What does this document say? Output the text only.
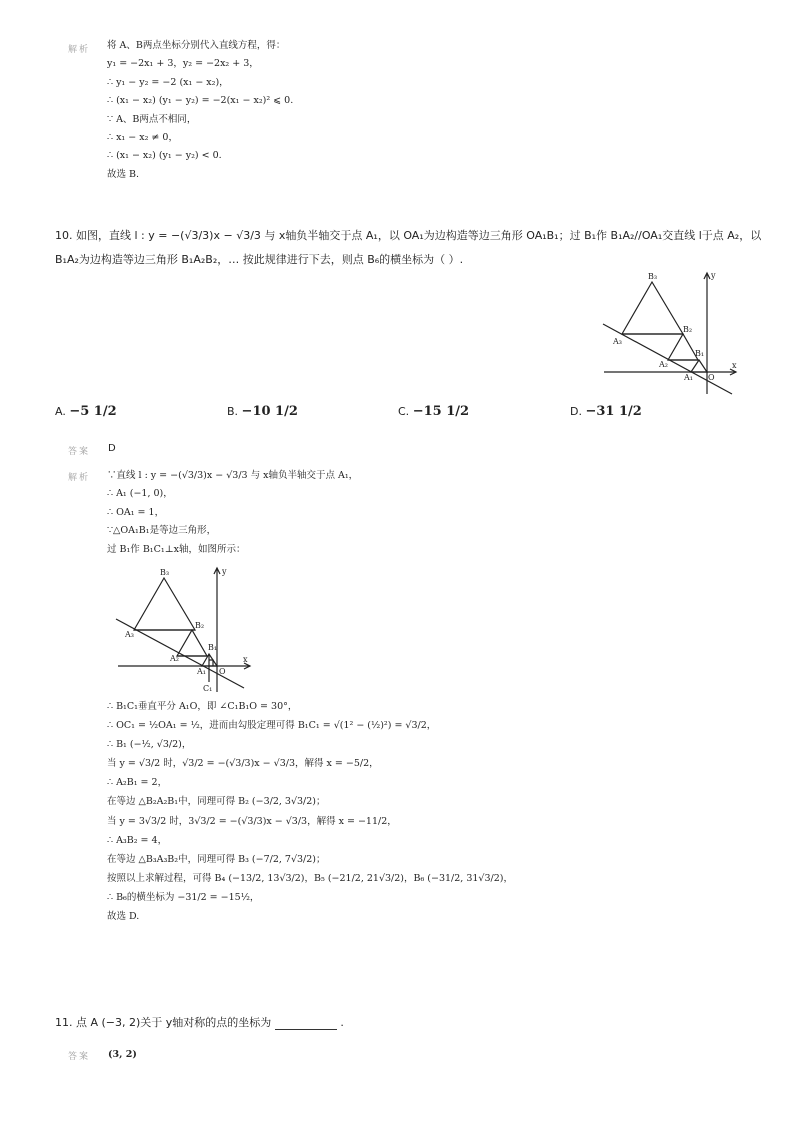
解析 将 A、B两点坐标分别代入直线方程，得：
y₁ = −2x₁ + 3，y₂ = −2x₂ + 3，
∴ y₁ − y₂ = −2 (x₁ − x₂)，
∴ (x₁ − x₂) (y₁ − y₂) = −2(x₁ − x₂)² ⩽ 0.
∵ A、B两点不相同，
∴ x₁ − x₂ ≠ 0，
∴ (x₁ − x₂) (y₁ − y₂) < 0.
故选 B.
10. 如图，直线 l : y = −(√3/3)x − √3/3 与 x轴负半轴交于点 A₁，以 OA₁为边构造等边三角形 OA₁B₁；过 B₁作 B₁A₂//OA₁交直线 l于点 A₂，以
B₁A₂为边构造等边三角形 B₁A₂B₂，… 按此规律进行下去，则点 B₆的横坐标为（ ）.
B₃
B₂
B₁
A₃
A₂
A₁ O
x
y
A. −5 1/2	B. −10 1/2	C. −15 1/2	D. −31 1/2
答案 D
解析 ∵直线 l : y = −(√3/3)x − √3/3 与 x轴负半轴交于点 A₁，
∴ A₁ (−1, 0)，
∴ OA₁ = 1，
∵△OA₁B₁是等边三角形，
过 B₁作 B₁C₁⊥x轴，如图所示：
B₃
B₂
B₁
A₃
A₂
A₁ O
x
y
C₁
∴ B₁C₁垂直平分 A₁O，即 ∠C₁B₁O = 30°，
∴ OC₁ = ½OA₁ = ½，进而由勾股定理可得 B₁C₁ = √(1² − (½)²) = √3/2，
∴ B₁ (−½, √3/2)，
当 y = √3/2 时，√3/2 = −(√3/3)x − √3/3，解得 x = −5/2，
∴ A₂B₁ = 2，
在等边 △B₂A₂B₁中，同理可得 B₂ (−3/2, 3√3/2)；
当 y = 3√3/2 时，3√3/2 = −(√3/3)x − √3/3，解得 x = −11/2，
∴ A₃B₂ = 4，
在等边 △B₃A₃B₂中，同理可得 B₃ (−7/2, 7√3/2)；
按照以上求解过程，可得 B₄ (−13/2, 13√3/2)，B₅ (−21/2, 21√3/2)，B₆ (−31/2, 31√3/2)，
∴ B₆的横坐标为 −31/2 = −15½，
故选 D.
11. 点 A (−3, 2)关于 y轴对称的点的坐标为	.
答案 (3, 2)
